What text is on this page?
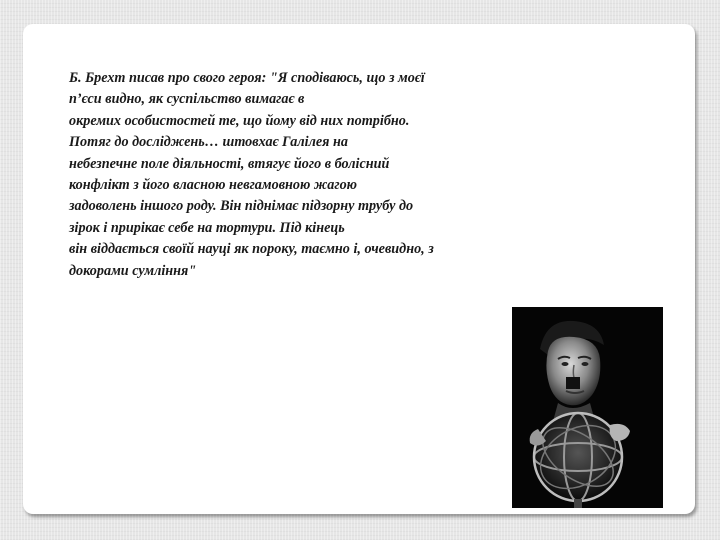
Б. Брехт писав про свого героя: "Я сподіваюсь, що з моєї
п’єси видно, як суспільство вимагає в
окремих особистостей те, що йому від них потрібно.
Потяг до досліджень… штовхає Галілея на
небезпечне поле діяльності, втягує його в болісний
конфлікт з його власною невгамовною жагою
задоволень іншого роду. Він піднімає підзорну трубу до
зірок і прирікає себе на тортури. Під кінець
він віддається своїй науці як пороку, таємно і, очевидно, з
докорами сумління"
